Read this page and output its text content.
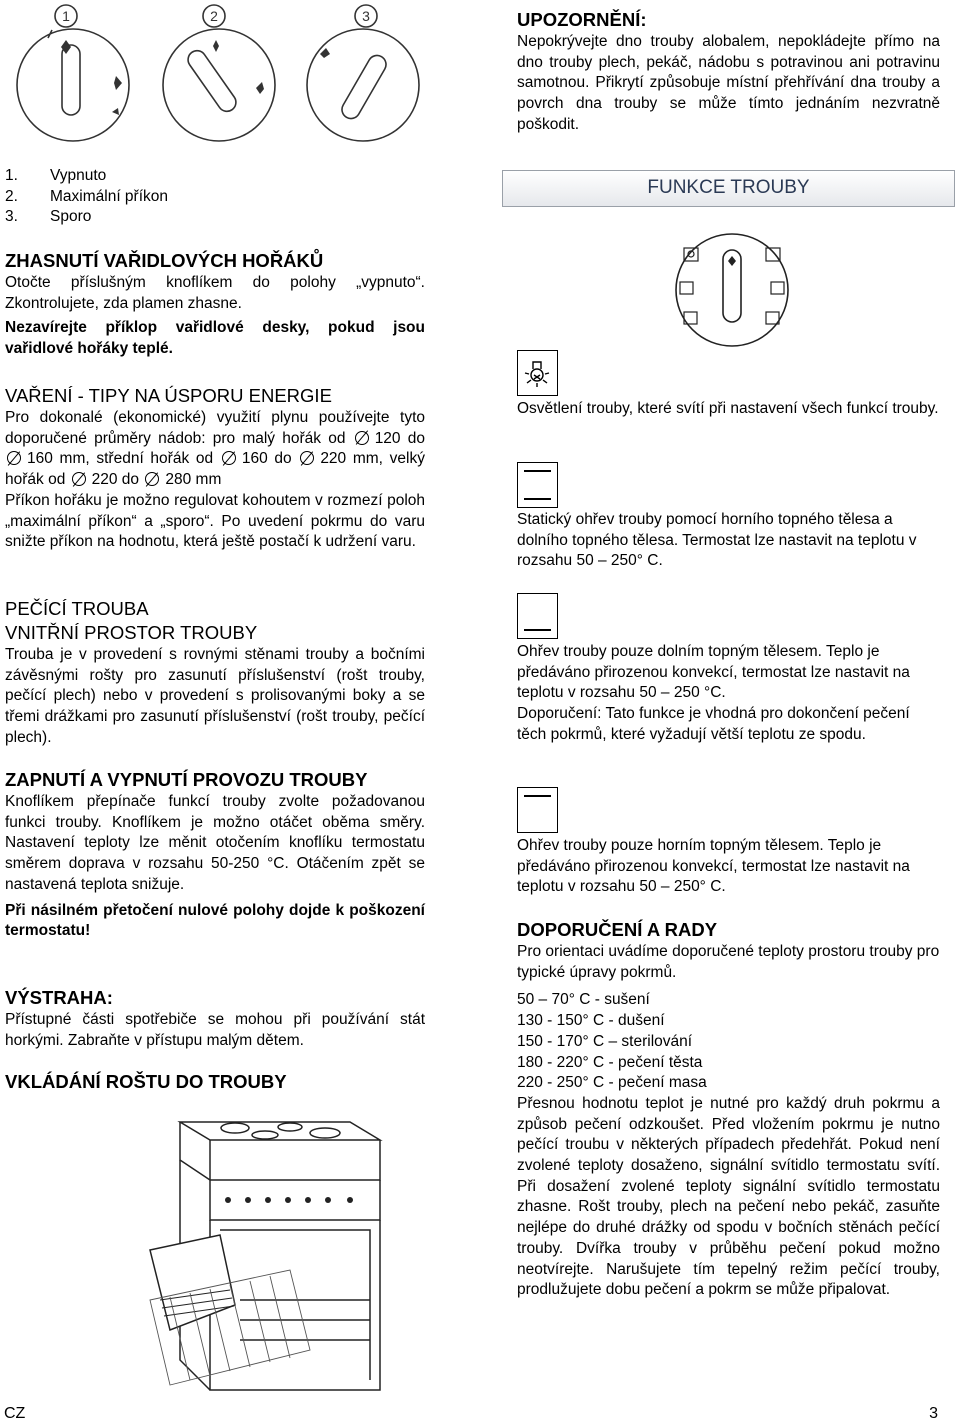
1	2	3
1.	Vypnuto
2.	Maximální příkon
3.	Sporo
ZHASNUTÍ VAŘIDLOVÝCH HOŘÁKŮ

Otočte příslušným knoflíkem do polohy „vypnuto“. Zkontrolujete, zda plamen zhasne.

Nezavírejte příklop vařidlové desky, pokud jsou vařidlové hořáky teplé.

VAŘENÍ - TIPY NA ÚSPORU ENERGIE

Pro dokonalé (ekonomické) využití plynu používejte tyto doporučené průměry nádob: pro malý hořák od 120 do 160 mm, střední hořák od 160 do 220 mm, velký hořák od 220 do 280 mm

Příkon hořáku je možno regulovat kohoutem v rozmezí poloh „maximální příkon“ a „sporo“. Po uvedení pokrmu do varu snižte příkon na hodnotu, která ještě postačí k udržení varu.

PEČÍCÍ TROUBA
VNITŘNÍ PROSTOR TROUBY

Trouba je v provedení s rovnými stěnami trouby a bočními závěsnými rošty pro zasunutí příslušenství (rošt trouby, pečící plech) nebo v provedení s prolisovanými boky a se třemi drážkami pro zasunutí příslušenství (rošt trouby, pečící plech).

ZAPNUTÍ A VYPNUTÍ PROVOZU TROUBY

Knoflíkem přepínače funkcí trouby zvolte požadovanou funkci trouby. Knoflíkem je možno otáčet oběma směry. Nastavení teploty lze měnit otočením knoflíku termostatu směrem doprava v rozsahu 50-250 °C. Otáčením zpět se nastavená teplota snižuje.

Při násilném přetočení nulové polohy dojde k poškození termostatu!

VÝSTRAHA:

Přístupné části spotřebiče se mohou při používání stát horkými. Zabraňte v přístupu malým dětem.

VKLÁDÁNÍ ROŠTU DO TROUBY
UPOZORNĚNÍ:

Nepokrývejte dno trouby alobalem, nepokládejte přímo na dno trouby plech, pekáč, nádobu s potravinou ani potravinu samotnou. Přikrytí způsobuje místní přehřívání dna trouby a povrch dna trouby se může tímto jednáním nezvratně poškodit.

FUNKCE TROUBY

Osvětlení trouby, které svítí při nastavení všech funkcí trouby.

Statický ohřev trouby pomocí horního topného tělesa a dolního topného tělesa. Termostat lze nastavit na teplotu v rozsahu 50 – 250° C.

Ohřev trouby pouze dolním topným tělesem. Teplo je předáváno přirozenou konvekcí, termostat lze nastavit na teplotu v rozsahu 50 – 250 °C.

Doporučení: Tato funkce je vhodná pro dokončení pečení těch pokrmů, které vyžadují větší teplotu ze spodu.

Ohřev trouby pouze horním topným tělesem. Teplo je předáváno přirozenou konvekcí, termostat lze nastavit na teplotu v rozsahu 50 – 250° C.

DOPORUČENÍ A RADY

Pro orientaci uvádíme doporučené teploty prostoru trouby pro typické úpravy pokrmů.

50 – 70° C - sušení
130 - 150° C - dušení
150 - 170° C – sterilování
180 - 220° C - pečení těsta
220 - 250° C - pečení masa

Přesnou hodnotu teplot je nutné pro každý druh pokrmu a způsob pečení odzkoušet. Před vložením pokrmu je nutno pečící troubu v některých případech předehřát. Pokud není zvolené teploty dosaženo, signální svítidlo termostatu svítí. Při dosažení zvolené teploty signální svítidlo termostatu zhasne. Rošt trouby, plech na pečení nebo pekáč, zasuňte nejlépe do druhé drážky od spodu v bočních stěnách pečící trouby. Dvířka trouby v průběhu pečení pokud možno neotvírejte. Narušujete tím tepelný režim pečící trouby, prodlužujete dobu pečení a pokrm se může připalovat.

CZ	3
